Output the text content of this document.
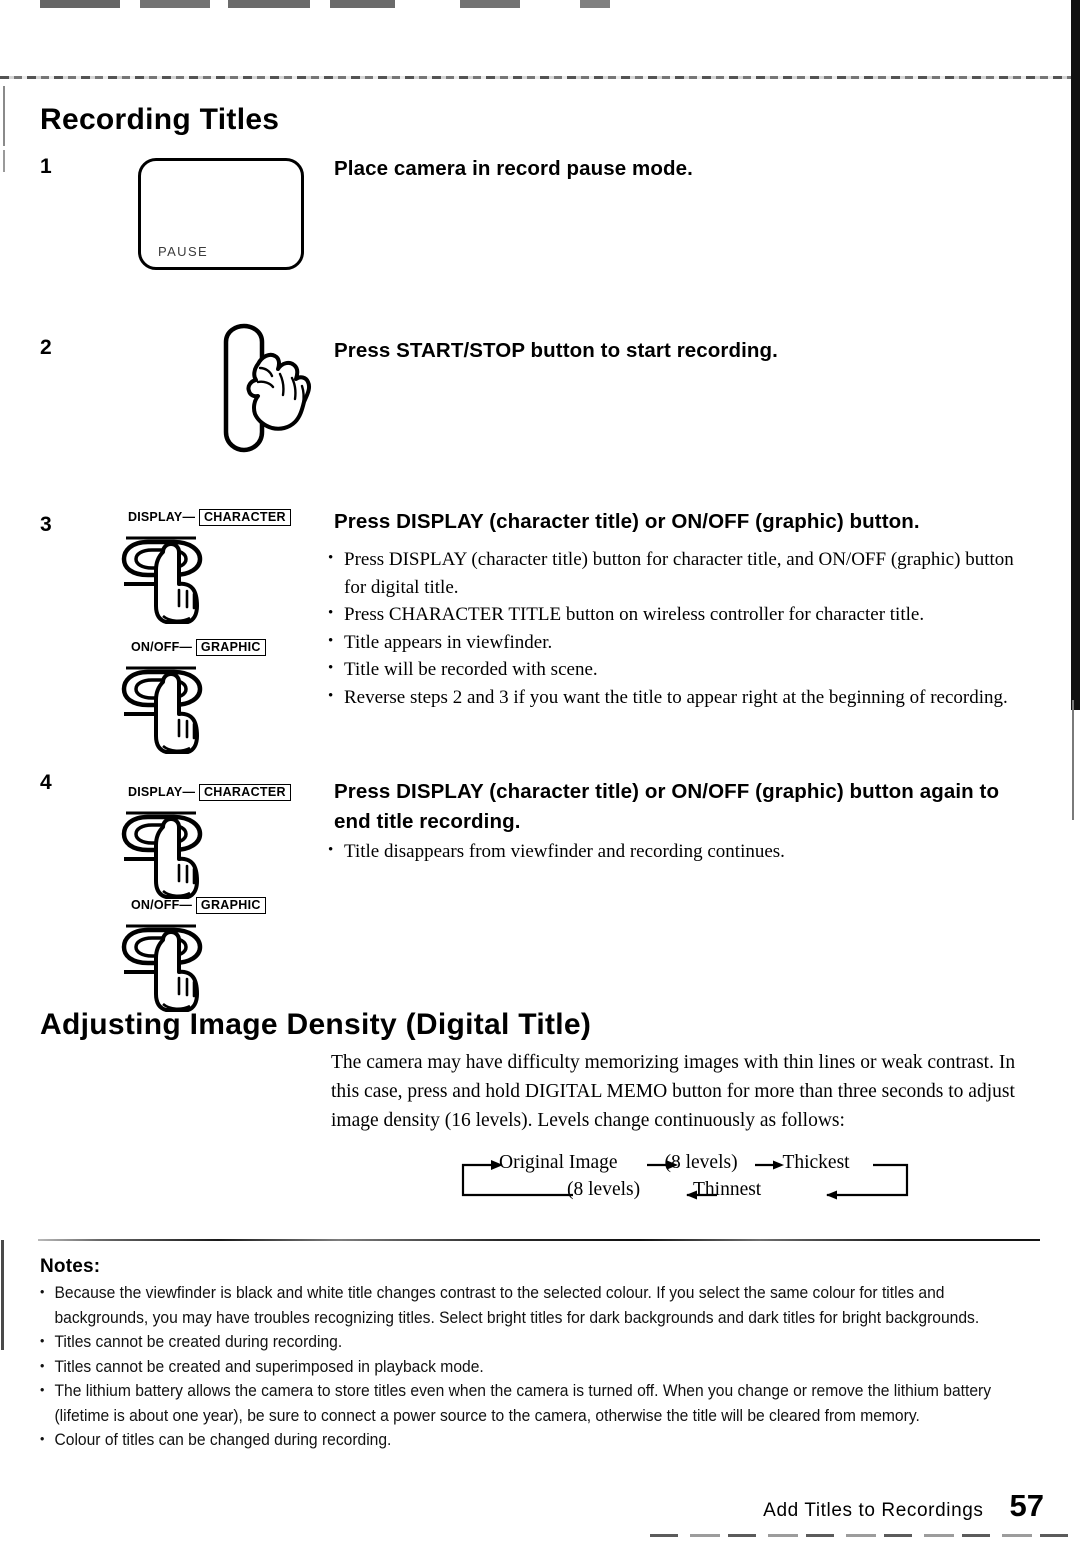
Recording Titles
1
PAUSE
Place camera in record pause mode.
2	Press START/STOP button to start recording.
3	DISPLAY— CHARACTER
ON/OFF— GRAPHIC
Press DISPLAY (character title) or ON/OFF (graphic) button.
• Press DISPLAY (character title) button for character title, and ON/OFF (graphic) button for digital title.
• Press CHARACTER TITLE button on wireless controller for character title.
• Title appears in viewfinder.
• Title will be recorded with scene.
• Reverse steps 2 and 3 if you want the title to appear right at the beginning of recording.
4	DISPLAY— CHARACTER
ON/OFF— GRAPHIC
Press DISPLAY (character title) or ON/OFF (graphic) button again to end title recording.
• Title disappears from viewfinder and recording continues.
Adjusting Image Density (Digital Title)
The camera may have difficulty memorizing images with thin lines or weak contrast. In this case, press and hold DIGITAL MEMO button for more than three seconds to adjust image density (16 levels). Levels change continuously as follows:
Original Image (8 levels) Thickest
(8 levels)	Thinnest
Notes:
• Because the viewfinder is black and white title changes contrast to the selected colour. If you select the same colour for titles and backgrounds, you may have troubles recognizing titles. Select bright titles for dark backgrounds and dark titles for bright backgrounds.
• Titles cannot be created during recording.
• Titles cannot be created and superimposed in playback mode.
• The lithium battery allows the camera to store titles even when the camera is turned off. When you change or remove the lithium battery (lifetime is about one year), be sure to connect a power source to the camera, otherwise the title will be cleared from memory.
• Colour of titles can be changed during recording.
Add Titles to Recordings 57
